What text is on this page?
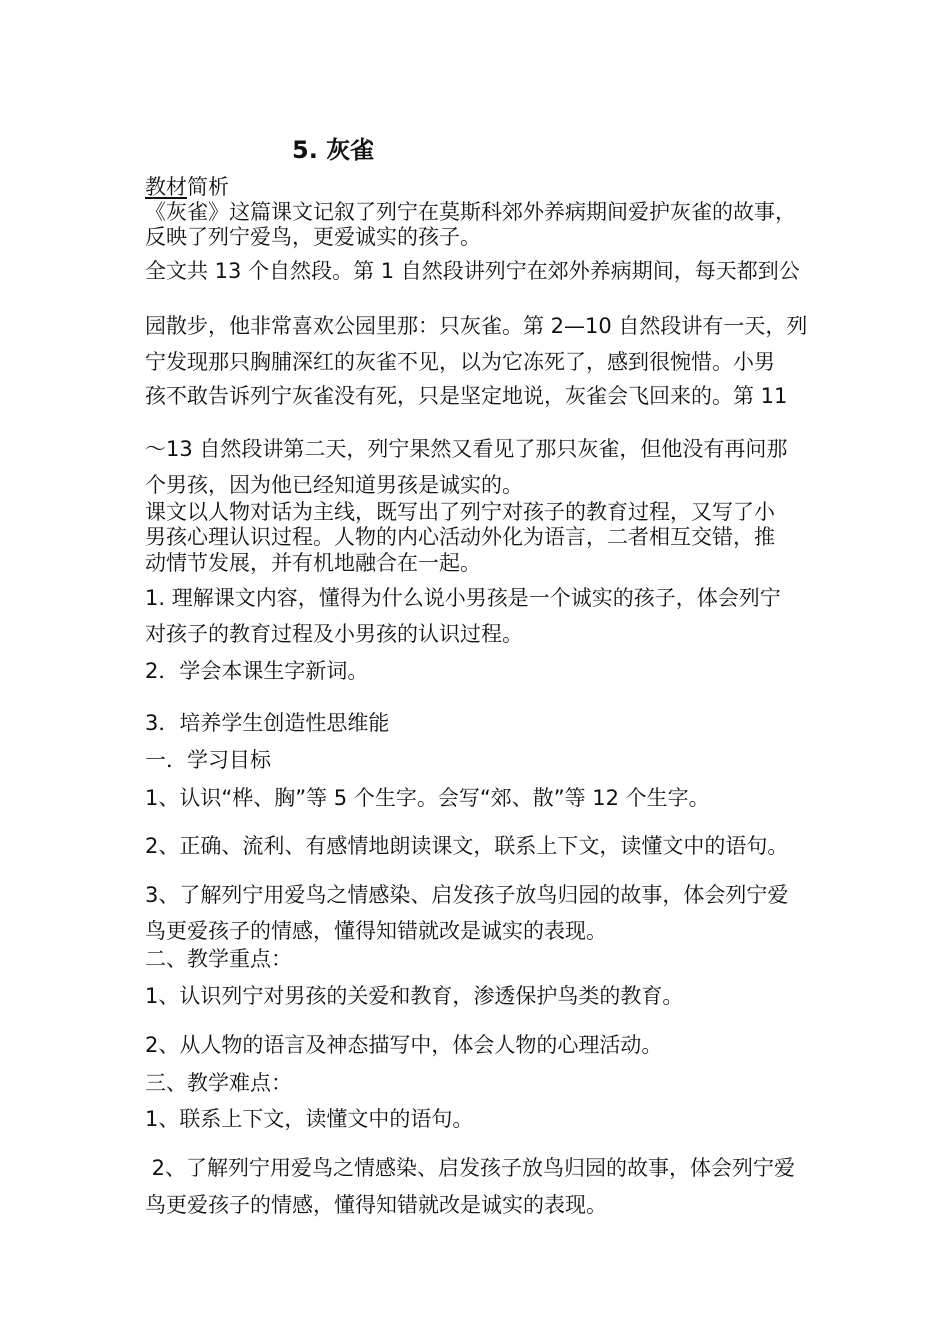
5. 灰雀
教材简析
《灰雀》这篇课文记叙了列宁在莫斯科郊外养病期间爱护灰雀的故事，
反映了列宁爱鸟，更爱诚实的孩子。
全文共 13 个自然段。第 1 自然段讲列宁在郊外养病期间，每天都到公
园散步，他非常喜欢公园里那：只灰雀。第 2—10 自然段讲有一天，列
宁发现那只胸脯深红的灰雀不见，以为它冻死了，感到很惋惜。小男
孩不敢告诉列宁灰雀没有死，只是坚定地说，灰雀会飞回来的。第 11
～13 自然段讲第二天，列宁果然又看见了那只灰雀，但他没有再问那
个男孩，因为他已经知道男孩是诚实的。
课文以人物对话为主线，既写出了列宁对孩子的教育过程，又写了小
男孩心理认识过程。人物的内心活动外化为语言，二者相互交错，推
动情节发展，并有机地融合在一起。
1. 理解课文内容，懂得为什么说小男孩是一个诚实的孩子，体会列宁
对孩子的教育过程及小男孩的认识过程。
2．学会本课生字新词。
3．培养学生创造性思维能
一．学习目标
1、认识“桦、胸”等 5 个生字。会写“郊、散”等 12 个生字。
2、正确、流利、有感情地朗读课文，联系上下文，读懂文中的语句。
3、了解列宁用爱鸟之情感染、启发孩子放鸟归园的故事，体会列宁爱
鸟更爱孩子的情感，懂得知错就改是诚实的表现。
二、教学重点：
1、认识列宁对男孩的关爱和教育，渗透保护鸟类的教育。
2、从人物的语言及神态描写中，体会人物的心理活动。
三、教学难点：
1、联系上下文，读懂文中的语句。
2、了解列宁用爱鸟之情感染、启发孩子放鸟归园的故事，体会列宁爱
鸟更爱孩子的情感，懂得知错就改是诚实的表现。
